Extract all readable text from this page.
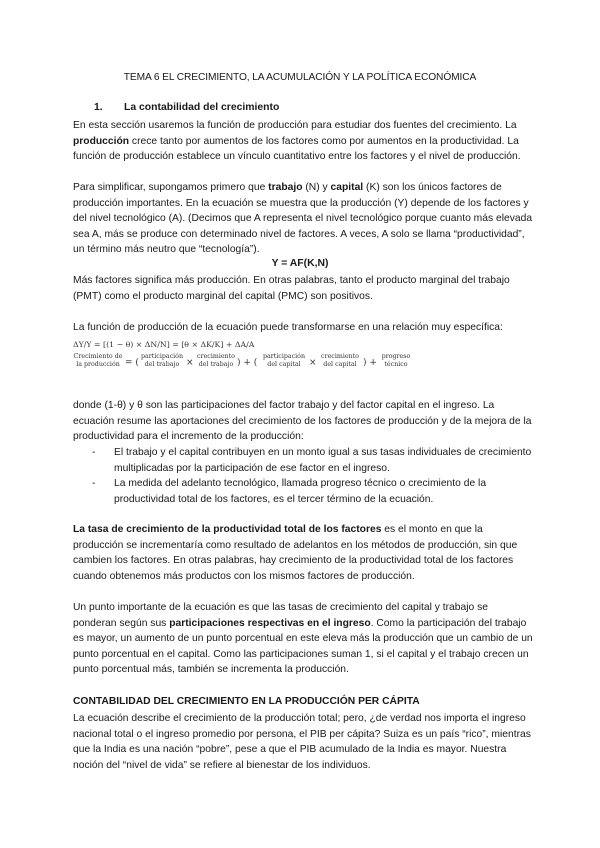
TEMA 6 EL CRECIMIENTO, LA ACUMULACIÓN Y LA POLÍTICA ECONÓMICA
1. La contabilidad del crecimiento
En esta sección usaremos la función de producción para estudiar dos fuentes del crecimiento. La producción crece tanto por aumentos de los factores como por aumentos en la productividad. La función de producción establece un vínculo cuantitativo entre los factores y el nivel de producción.
Para simplificar, supongamos primero que trabajo (N) y capital (K) son los únicos factores de producción importantes. En la ecuación se muestra que la producción (Y) depende de los factores y del nivel tecnológico (A). (Decimos que A representa el nivel tecnológico porque cuanto más elevada sea A, más se produce con determinado nivel de factores. A veces, A solo se llama “productividad”, un término más neutro que “tecnología”).
Y = AF(K,N)
Más factores significa más producción. En otras palabras, tanto el producto marginal del trabajo (PMT) como el producto marginal del capital (PMC) son positivos.
La función de producción de la ecuación puede transformarse en una relación muy específica:
ΔY/Y = [(1 − θ) × ΔN/N] = [θ × ΔK/K] + ΔA/A
Crecimiento de la producción = (
participación del trabajo ×
crecimiento del trabajo ) + (
participación del capital ×
crecimiento del capital ) +
progreso técnico
donde (1-θ) y θ son las participaciones del factor trabajo y del factor capital en el ingreso. La ecuación resume las aportaciones del crecimiento de los factores de producción y de la mejora de la productividad para el incremento de la producción:
- El trabajo y el capital contribuyen en un monto igual a sus tasas individuales de crecimiento multiplicadas por la participación de ese factor en el ingreso.
- La medida del adelanto tecnológico, llamada progreso técnico o crecimiento de la productividad total de los factores, es el tercer término de la ecuación.
La tasa de crecimiento de la productividad total de los factores es el monto en que la producción se incrementaría como resultado de adelantos en los métodos de producción, sin que cambien los factores. En otras palabras, hay crecimiento de la productividad total de los factores cuando obtenemos más productos con los mismos factores de producción.
Un punto importante de la ecuación es que las tasas de crecimiento del capital y trabajo se ponderan según sus participaciones respectivas en el ingreso. Como la participación del trabajo es mayor, un aumento de un punto porcentual en este eleva más la producción que un cambio de un punto porcentual en el capital. Como las participaciones suman 1, si el capital y el trabajo crecen un punto porcentual más, también se incrementa la producción.
CONTABILIDAD DEL CRECIMIENTO EN LA PRODUCCIÓN PER CÁPITA
La ecuación describe el crecimiento de la producción total; pero, ¿de verdad nos importa el ingreso nacional total o el ingreso promedio por persona, el PIB per cápita? Suiza es un país “rico”, mientras que la India es una nación “pobre”, pese a que el PIB acumulado de la India es mayor. Nuestra noción del “nivel de vida” se refiere al bienestar de los individuos.
